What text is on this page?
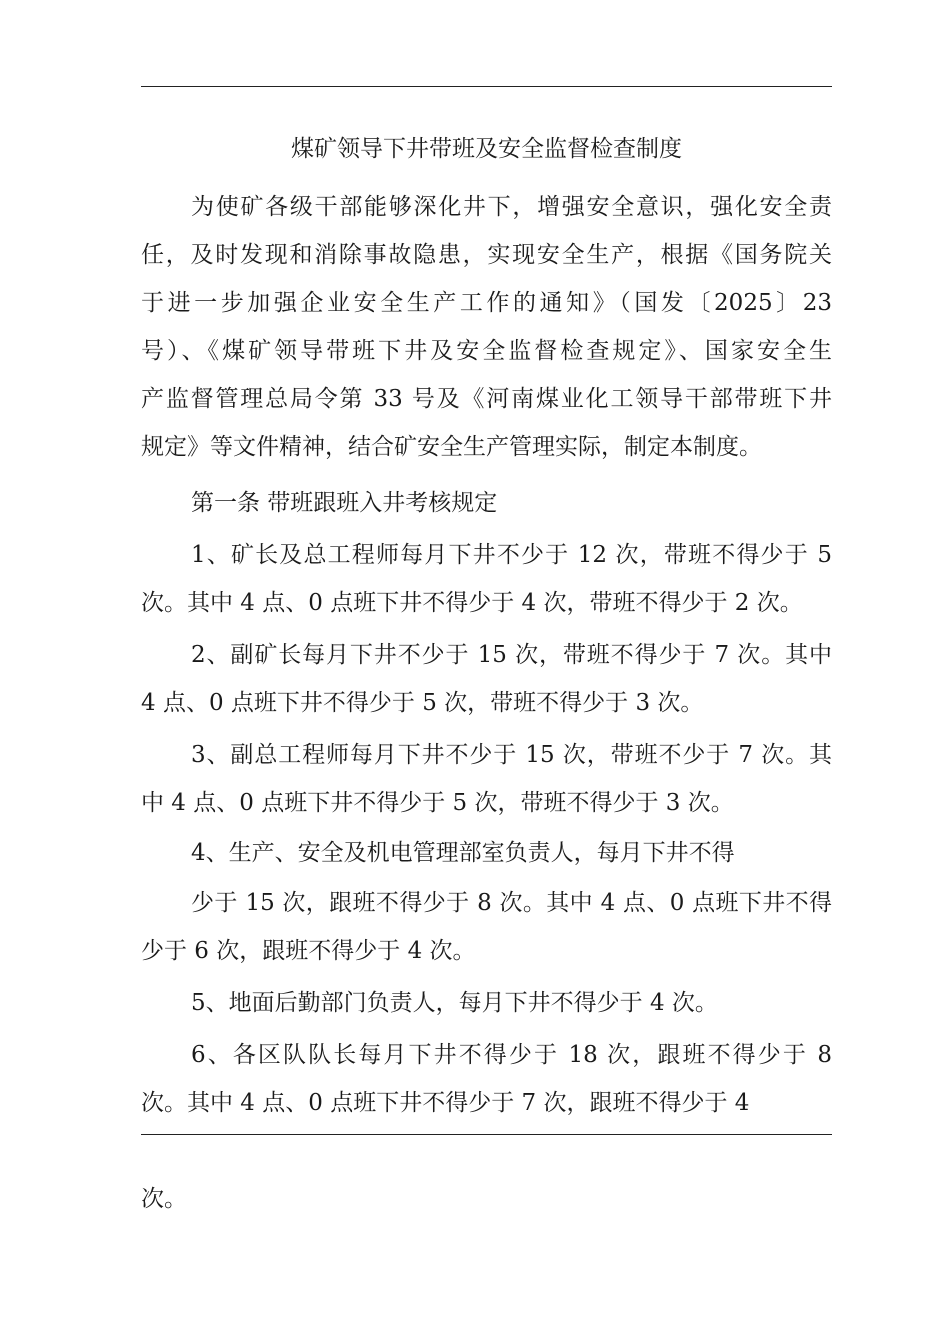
煤矿领导下井带班及安全监督检查制度
为使矿各级干部能够深化井下，增强安全意识，强化安全责
任，及时发现和消除事故隐患，实现安全生产，根据《国务院关
于进一步加强企业安全生产工作的通知》（国发〔2025〕23
号）、《煤矿领导带班下井及安全监督检查规定》、国家安全生
产监督管理总局令第 33 号及《河南煤业化工领导干部带班下井
规定》等文件精神，结合矿安全生产管理实际，制定本制度。
第一条 带班跟班入井考核规定
1、矿长及总工程师每月下井不少于 12 次，带班不得少于 5
次。其中 4 点、0 点班下井不得少于 4 次，带班不得少于 2 次。
2、副矿长每月下井不少于 15 次，带班不得少于 7 次。其中
4 点、0 点班下井不得少于 5 次，带班不得少于 3 次。
3、副总工程师每月下井不少于 15 次，带班不少于 7 次。其
中 4 点、0 点班下井不得少于 5 次，带班不得少于 3 次。
4、生产、安全及机电管理部室负责人，每月下井不得
少于 15 次，跟班不得少于 8 次。其中 4 点、0 点班下井不得
少于 6 次，跟班不得少于 4 次。
5、地面后勤部门负责人，每月下井不得少于 4 次。
6、各区队队长每月下井不得少于 18 次，跟班不得少于 8
次。其中 4 点、0 点班下井不得少于 7 次，跟班不得少于 4
次。
